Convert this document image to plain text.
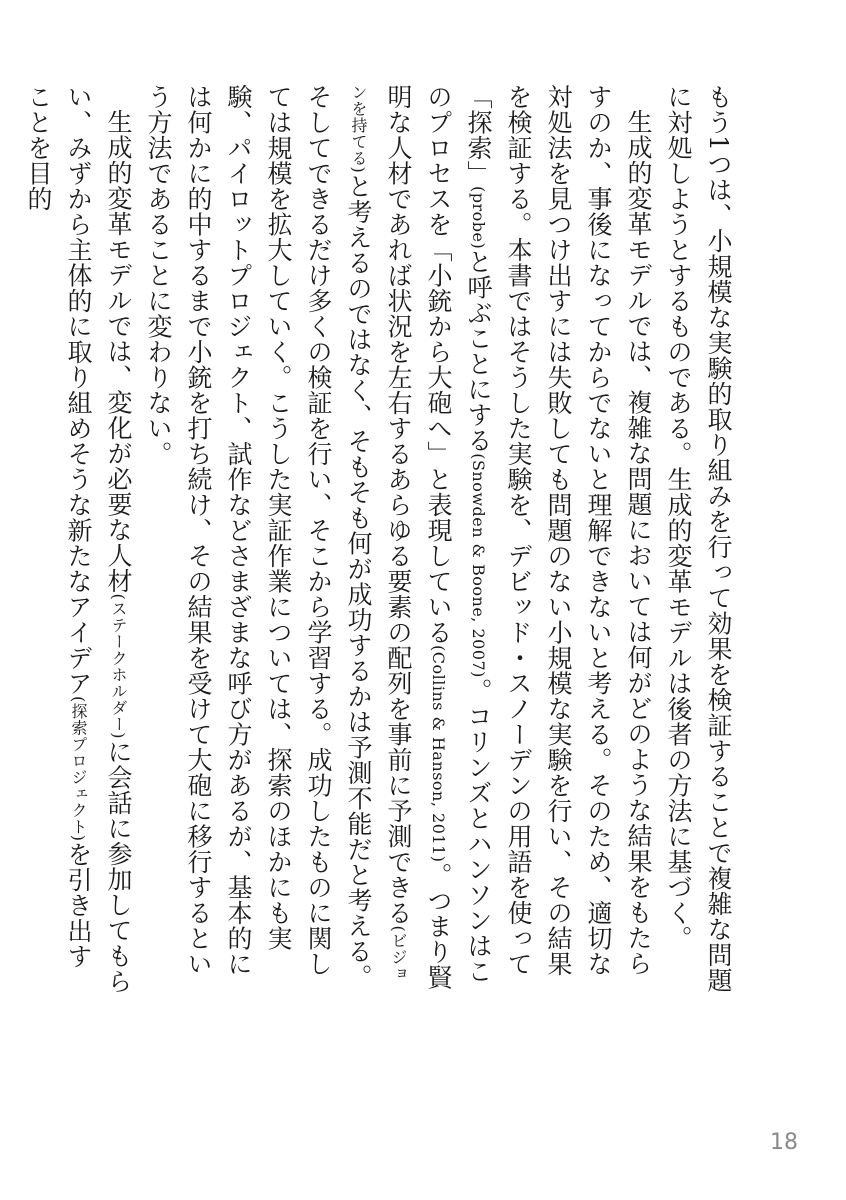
もう1つは、小規模な実験的取り組みを行って効果を検証することで複雑な問題に対処しようとするものである。生成的変革モデルは後者の方法に基づく。

生成的変革モデルでは、複雑な問題においては何がどのような結果をもたらすのか、事後になってからでないと理解できないと考える。そのため、適切な対処法を見つけ出すには失敗しても問題のない小規模な実験を行い、その結果を検証する。本書ではそうした実験を、デビッド・スノーデンの用語を使って「探索」(probe)と呼ぶことにする(Snowden & Boone, 2007)。コリンズとハンソンはこのプロセスを「小銃から大砲へ」と表現している(Collins & Hanson, 2011)。つまり賢明な人材であれば状況を左右するあらゆる要素の配列を事前に予測できる(ビジョンを持てる)と考えるのではなく、そもそも何が成功するかは予測不能だと考える。そしてできるだけ多くの検証を行い、そこから学習する。成功したものに関しては規模を拡大していく。こうした実証作業については、探索のほかにも実験、パイロットプロジェクト、試作などさまざまな呼び方があるが、基本的には何かに的中するまで小銃を打ち続け、その結果を受けて大砲に移行するという方法であることに変わりない。

生成的変革モデルでは、変化が必要な人材(ステークホルダー)に会話に参加してもらい、みずから主体的に取り組めそうな新たなアイデア(探索プロジェクト)を引き出すことを目的

18
